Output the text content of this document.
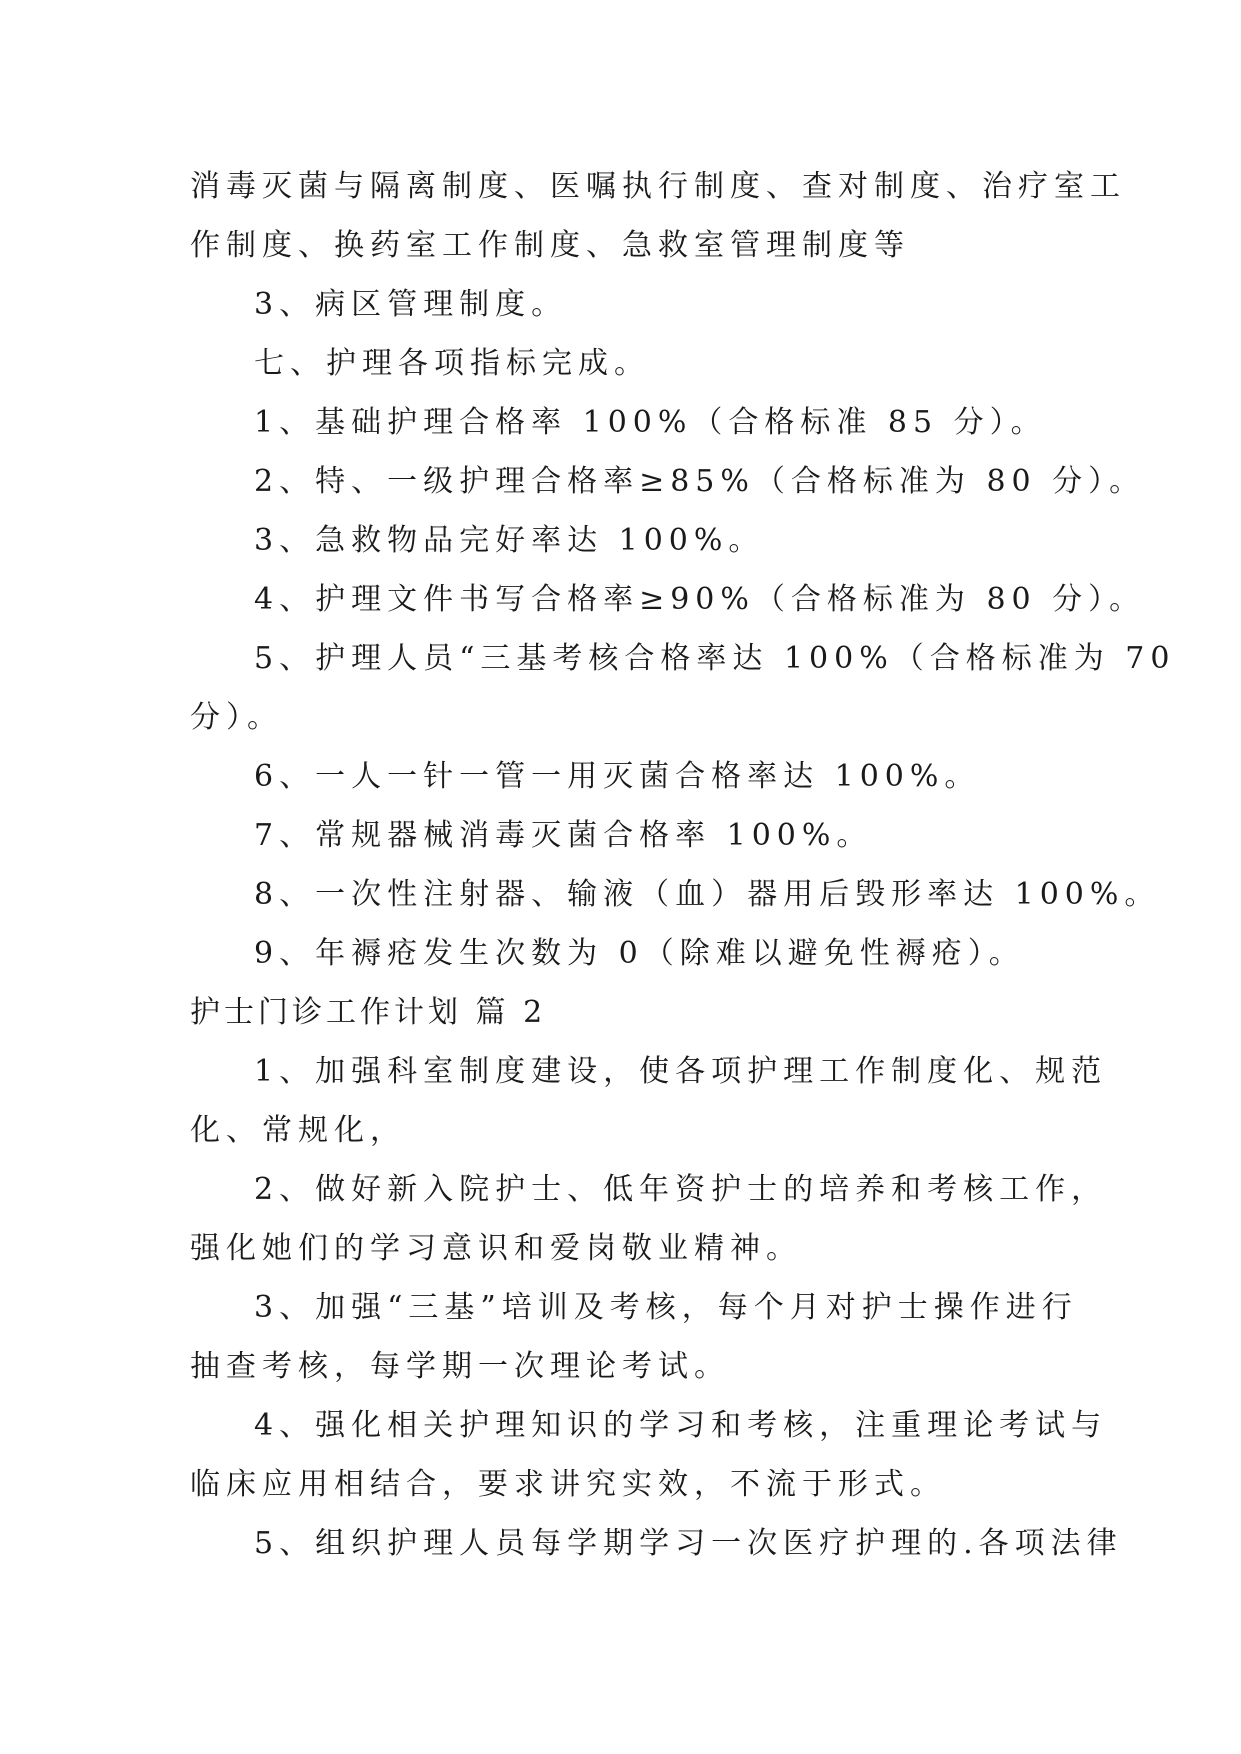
消毒灭菌与隔离制度、医嘱执行制度、查对制度、治疗室工
作制度、换药室工作制度、急救室管理制度等
3、病区管理制度。
七、护理各项指标完成。
1、基础护理合格率 100%（合格标准 85 分）。
2、特、一级护理合格率≥85%（合格标准为 80 分）。
3、急救物品完好率达 100%。
4、护理文件书写合格率≥90%（合格标准为 80 分）。
5、护理人员“三基考核合格率达 100%（合格标准为 70
分）。
6、一人一针一管一用灭菌合格率达 100%。
7、常规器械消毒灭菌合格率 100%。
8、一次性注射器、输液（血）器用后毁形率达 100%。
9、年褥疮发生次数为 0（除难以避免性褥疮）。
护士门诊工作计划 篇 2
1、加强科室制度建设，使各项护理工作制度化、规范
化、常规化，
2、做好新入院护士、低年资护士的培养和考核工作，
强化她们的学习意识和爱岗敬业精神。
3、加强“三基”培训及考核，每个月对护士操作进行
抽查考核，每学期一次理论考试。
4、强化相关护理知识的学习和考核，注重理论考试与
临床应用相结合，要求讲究实效，不流于形式。
5、组织护理人员每学期学习一次医疗护理的.各项法律
